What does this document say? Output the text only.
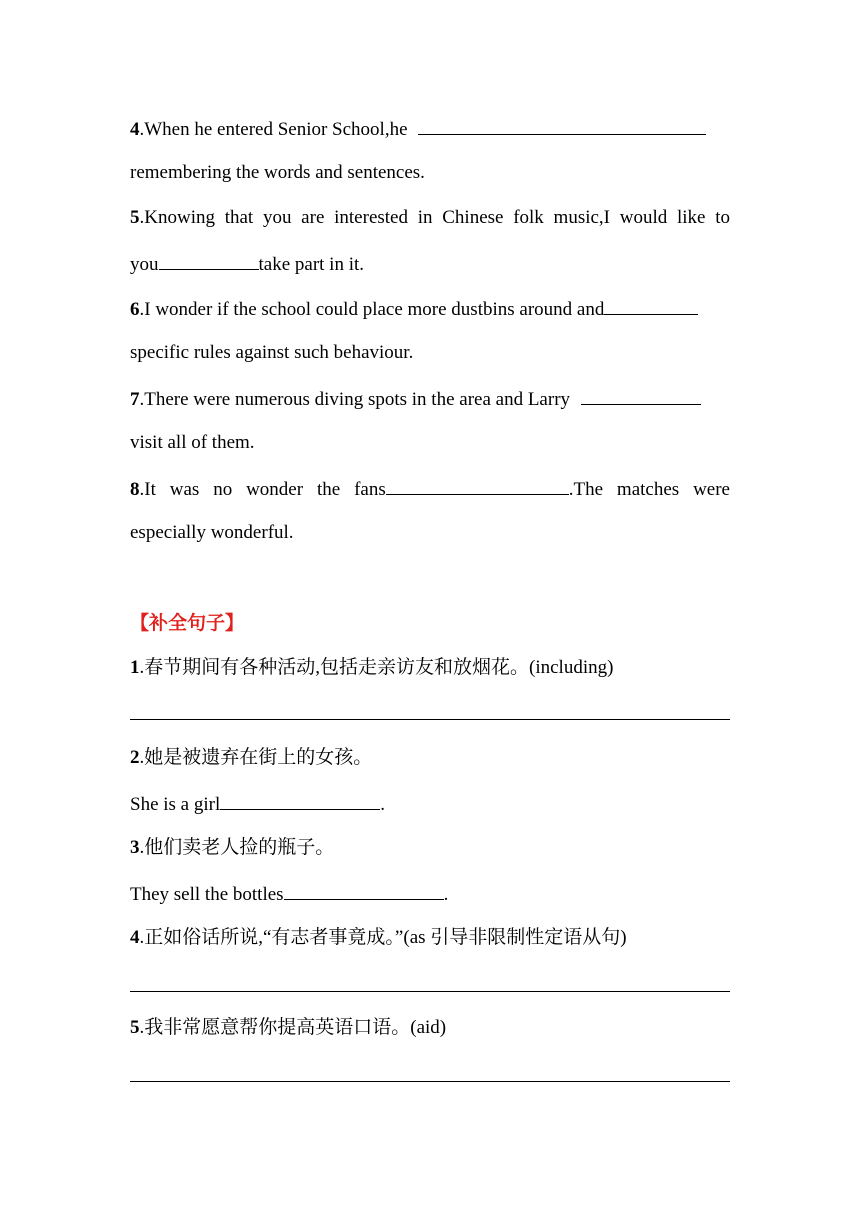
4.When he entered Senior School,he
remembering the words and sentences.
5.Knowing that you are interested in Chinese folk music,I would like to
you	take part in it.
6.I wonder if the school could place more dustbins around and
specific rules against such behaviour.
7.There were numerous diving spots in the area and Larry
visit all of them.
8.It was no wonder the fans	.The matches were
especially wonderful.
【补全句子】
1.春节期间有各种活动,包括走亲访友和放烟花。(including)
2.她是被遗弃在街上的女孩。
She is a girl	.
3.他们卖老人捡的瓶子。
They sell the bottles	.
4.正如俗话所说,“有志者事竟成。”(as 引导非限制性定语从句)
5.我非常愿意帮你提高英语口语。(aid)
